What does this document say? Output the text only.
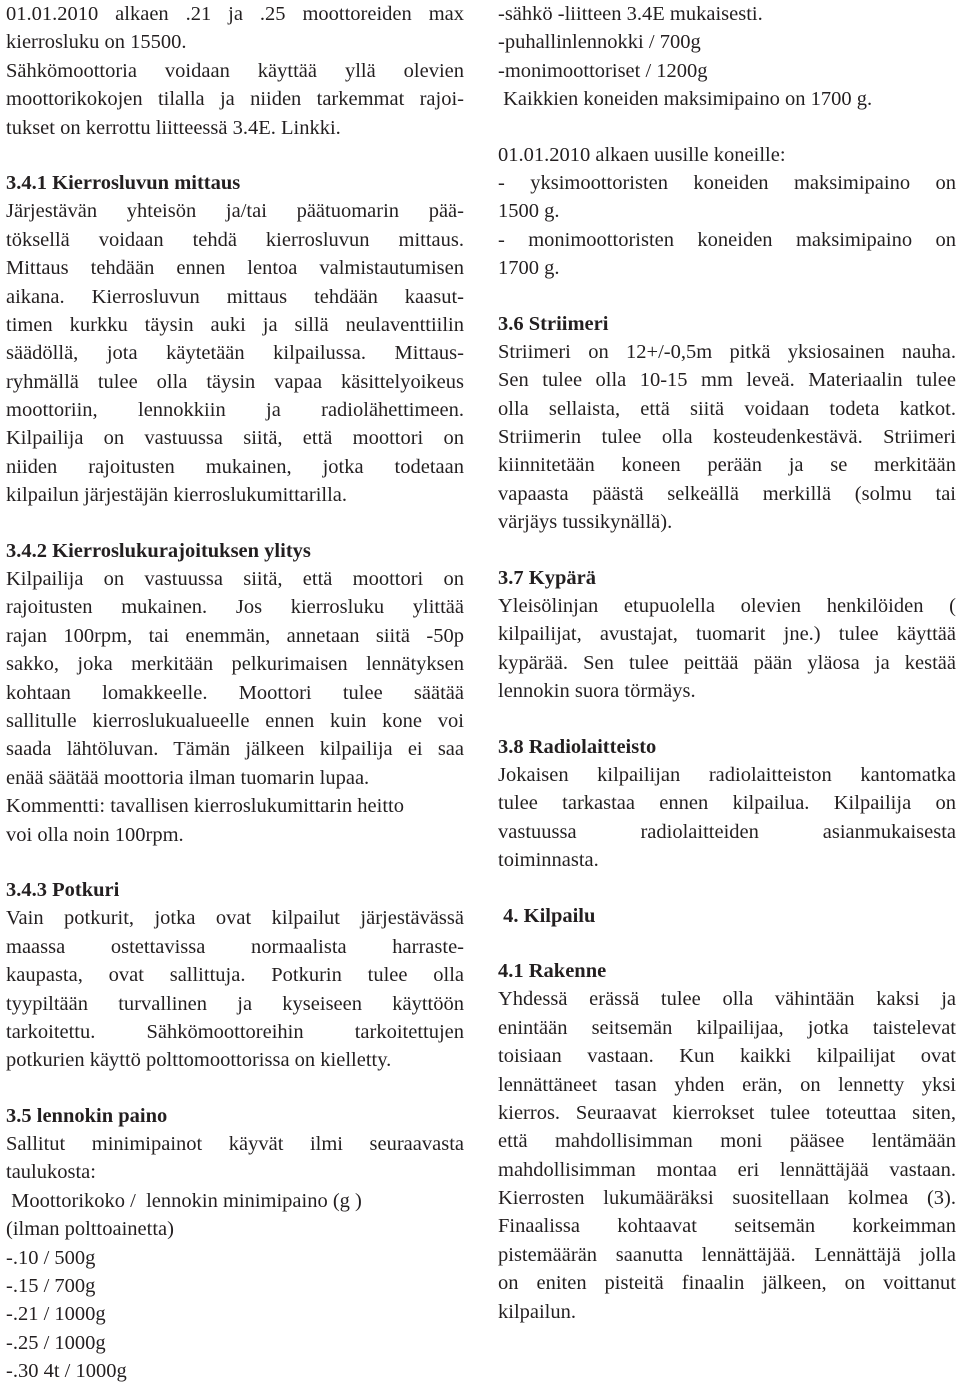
01.01.2010 alkaen .21 ja .25 moottoreiden max
kierrosluku on 15500.
Sähkömoottoria voidaan käyttää yllä olevien
moottorikokojen tilalla ja niiden tarkemmat rajoi-
tukset on kerrottu liitteessä 3.4E. Linkki.
3.4.1 Kierrosluvun mittaus
Järjestävän yhteisön ja/tai päätuomarin pää-
töksellä voidaan tehdä kierrosluvun mittaus.
Mittaus tehdään ennen lentoa valmistautumisen
aikana. Kierrosluvun mittaus tehdään kaasut-
timen kurkku täysin auki ja sillä neulaventtiilin
säädöllä, jota käytetään kilpailussa. Mittaus-
ryhmällä tulee olla täysin vapaa käsittelyoikeus
moottoriin, lennokkiin ja radiolähettimeen.
Kilpailija on vastuussa siitä, että moottori on
niiden rajoitusten mukainen, jotka todetaan
kilpailun järjestäjän kierroslukumittarilla.
3.4.2 Kierroslukurajoituksen ylitys
Kilpailija on vastuussa siitä, että moottori on
rajoitusten mukainen. Jos kierrosluku ylittää
rajan 100rpm, tai enemmän, annetaan siitä -50p
sakko, joka merkitään pelkurimaisen lennätyksen
kohtaan lomakkeelle. Moottori tulee säätää
sallitulle kierroslukualueelle ennen kuin kone voi
saada lähtöluvan. Tämän jälkeen kilpailija ei saa
enää säätää moottoria ilman tuomarin lupaa.
Kommentti: tavallisen kierroslukumittarin heitto
voi olla noin 100rpm.
3.4.3 Potkuri
Vain potkurit, jotka ovat kilpailut järjestävässä
maassa ostettavissa normaalista harraste-
kaupasta, ovat sallittuja. Potkurin tulee olla
tyypiltään turvallinen ja kyseiseen käyttöön
tarkoitettu. Sähkömoottoreihin tarkoitettujen
potkurien käyttö polttomoottorissa on kielletty.
3.5 lennokin paino
Sallitut minimipainot käyvät ilmi seuraavasta
taulukosta:
Moottorikoko /  lennokin minimipaino (g )
(ilman polttoainetta)
-.10 / 500g
-.15 / 700g
-.21 / 1000g
-.25 / 1000g
-.30 4t / 1000g
-sähkö -liitteen 3.4E mukaisesti.
-puhallinlennokki / 700g
-monimoottoriset / 1200g
Kaikkien koneiden maksimipaino on 1700 g.
01.01.2010 alkaen uusille koneille:
- yksimoottoristen koneiden maksimipaino on
1500 g.
- monimoottoristen koneiden maksimipaino on
1700 g.
3.6 Striimeri
Striimeri on 12+/-0,5m pitkä yksiosainen nauha.
Sen tulee olla 10-15 mm leveä. Materiaalin tulee
olla sellaista, että siitä voidaan todeta katkot.
Striimerin tulee olla kosteudenkestävä. Striimeri
kiinnitetään koneen perään ja se merkitään
vapaasta päästä selkeällä merkillä (solmu tai
värjäys tussikynällä).
3.7 Kypärä
Yleisölinjan etupuolella olevien henkilöiden (
kilpailijat, avustajat, tuomarit jne.) tulee käyttää
kypärää. Sen tulee peittää pään yläosa ja kestää
lennokin suora törmäys.
3.8 Radiolaitteisto
Jokaisen kilpailijan radiolaitteiston kantomatka
tulee tarkastaa ennen kilpailua. Kilpailija on
vastuussa radiolaitteiden asianmukaisesta
toiminnasta.
4. Kilpailu
4.1 Rakenne
Yhdessä erässä tulee olla vähintään kaksi ja
enintään seitsemän kilpailijaa, jotka taistelevat
toisiaan vastaan. Kun kaikki kilpailijat ovat
lennättäneet tasan yhden erän, on lennetty yksi
kierros. Seuraavat kierrokset tulee toteuttaa siten,
että mahdollisimman moni pääsee lentämään
mahdollisimman montaa eri lennättäjää vastaan.
Kierrosten lukumääräksi suositellaan kolmea (3).
Finaalissa kohtaavat seitsemän korkeimman
pistemäärän saanutta lennättäjää. Lennättäjä jolla
on eniten pisteitä finaalin jälkeen, on voittanut
kilpailun.
